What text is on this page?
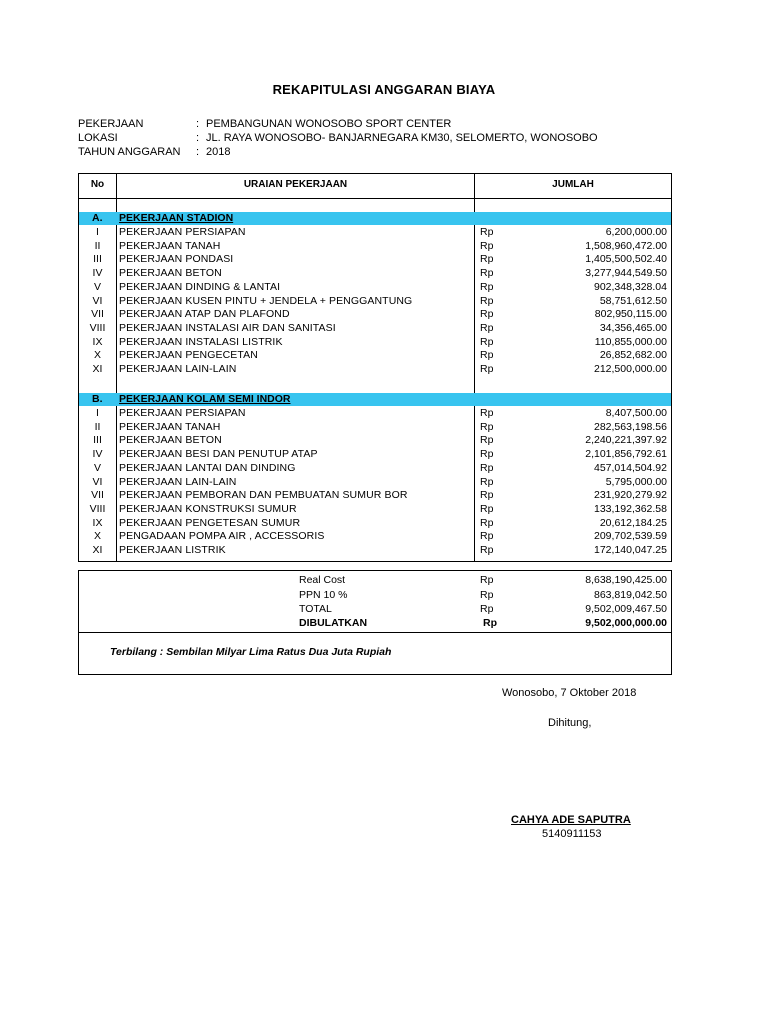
REKAPITULASI ANGGARAN BIAYA
PEKERJAAN	: PEMBANGUNAN WONOSOBO SPORT CENTER
LOKASI	: JL. RAYA WONOSOBO- BANJARNEGARA KM30, SELOMERTO, WONOSOBO
TAHUN ANGGARAN : 2018
No	URAIAN PEKERJAAN	JUMLAH
A. PEKERJAAN STADION
I	PEKERJAAN PERSIAPAN	Rp	6,200,000.00
II	PEKERJAAN TANAH	Rp	1,508,960,472.00
III	PEKERJAAN PONDASI	Rp	1,405,500,502.40
IV	PEKERJAAN BETON	Rp	3,277,944,549.50
V	PEKERJAAN DINDING & LANTAI	Rp	902,348,328.04
VI	PEKERJAAN KUSEN PINTU + JENDELA + PENGGANTUNG	Rp	58,751,612.50
VII	PEKERJAAN ATAP DAN PLAFOND	Rp	802,950,115.00
VIII	PEKERJAAN INSTALASI AIR DAN SANITASI	Rp	34,356,465.00
IX	PEKERJAAN INSTALASI LISTRIK	Rp	110,855,000.00
X	PEKERJAAN PENGECETAN	Rp	26,852,682.00
XI	PEKERJAAN LAIN-LAIN	Rp	212,500,000.00
B. PEKERJAAN KOLAM SEMI INDOR
I	PEKERJAAN PERSIAPAN	Rp	8,407,500.00
II	PEKERJAAN TANAH	Rp	282,563,198.56
III	PEKERJAAN BETON	Rp	2,240,221,397.92
IV	PEKERJAAN BESI DAN PENUTUP ATAP	Rp	2,101,856,792.61
V	PEKERJAAN LANTAI DAN DINDING	Rp	457,014,504.92
VI	PEKERJAAN LAIN-LAIN	Rp	5,795,000.00
VII	PEKERJAAN PEMBORAN DAN PEMBUATAN SUMUR BOR	Rp	231,920,279.92
VIII	PEKERJAAN KONSTRUKSI SUMUR	Rp	133,192,362.58
IX	PEKERJAAN PENGETESAN SUMUR	Rp	20,612,184.25
X	PENGADAAN POMPA AIR , ACCESSORIS	Rp	209,702,539.59
XI	PEKERJAAN LISTRIK	Rp	172,140,047.25
Real Cost	Rp	8,638,190,425.00
PPN 10 %	Rp	863,819,042.50
TOTAL	Rp	9,502,009,467.50
DIBULATKAN	Rp	9,502,000,000.00
Terbilang : Sembilan Milyar Lima Ratus Dua Juta Rupiah
Wonosobo, 7 Oktober 2018
Dihitung,
CAHYA ADE SAPUTRA
5140911153
